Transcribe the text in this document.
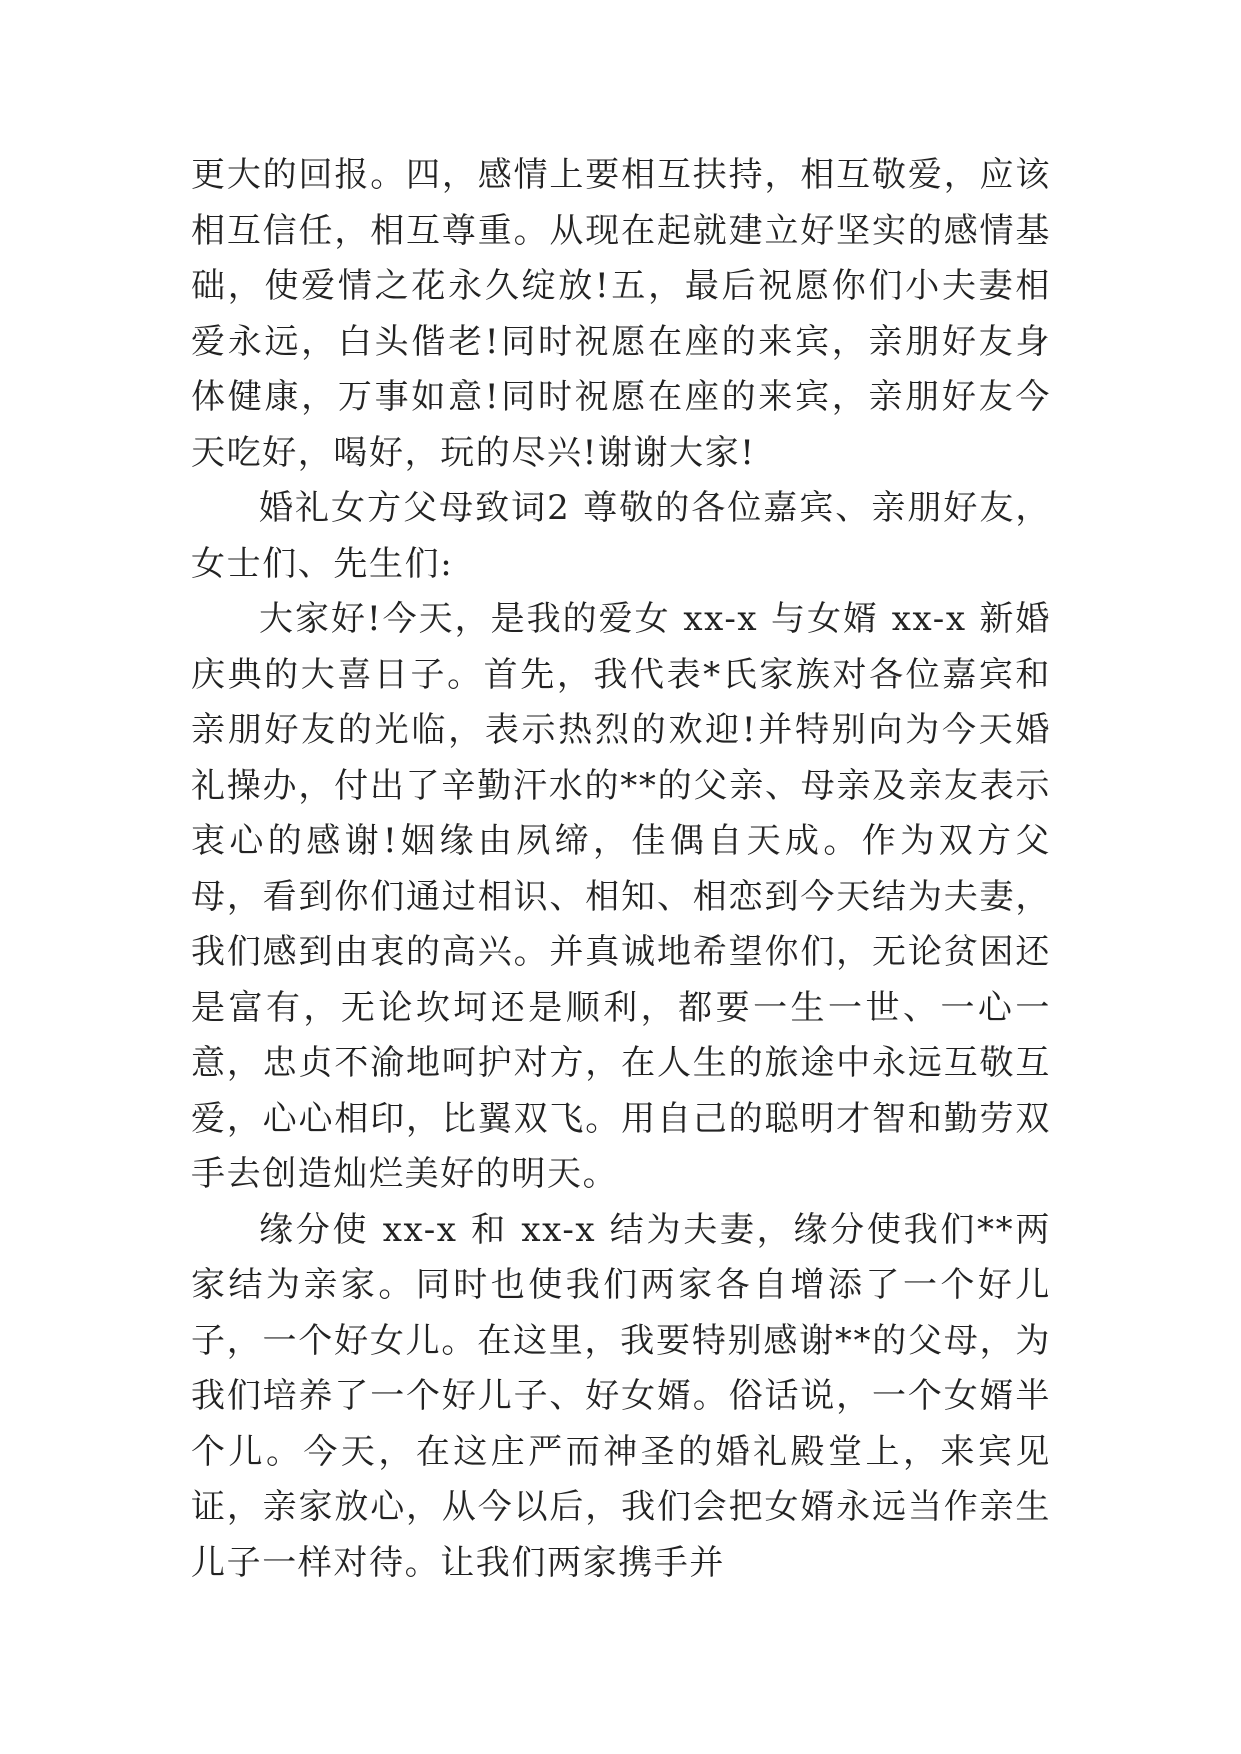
更大的回报。四，感情上要相互扶持，相互敬爱，应该相互信任，相互尊重。从现在起就建立好坚实的感情基础，使爱情之花永久绽放!五，最后祝愿你们小夫妻相爱永远，白头偕老!同时祝愿在座的来宾，亲朋好友身体健康，万事如意!同时祝愿在座的来宾，亲朋好友今天吃好，喝好，玩的尽兴!谢谢大家!

婚礼女方父母致词2 尊敬的各位嘉宾、亲朋好友，女士们、先生们:

大家好!今天，是我的爱女 xx-x 与女婿 xx-x 新婚庆典的大喜日子。首先，我代表*氏家族对各位嘉宾和亲朋好友的光临，表示热烈的欢迎!并特别向为今天婚礼操办，付出了辛勤汗水的**的父亲、母亲及亲友表示衷心的感谢!姻缘由夙缔，佳偶自天成。作为双方父母，看到你们通过相识、相知、相恋到今天结为夫妻，我们感到由衷的高兴。并真诚地希望你们，无论贫困还是富有，无论坎坷还是顺利，都要一生一世、一心一意，忠贞不渝地呵护对方，在人生的旅途中永远互敬互爱，心心相印，比翼双飞。用自己的聪明才智和勤劳双手去创造灿烂美好的明天。

缘分使 xx-x 和 xx-x 结为夫妻，缘分使我们**两家结为亲家。同时也使我们两家各自增添了一个好儿子，一个好女儿。在这里，我要特别感谢**的父母，为我们培养了一个好儿子、好女婿。俗话说，一个女婿半个儿。今天，在这庄严而神圣的婚礼殿堂上，来宾见证，亲家放心，从今以后，我们会把女婿永远当作亲生儿子一样对待。让我们两家携手并
